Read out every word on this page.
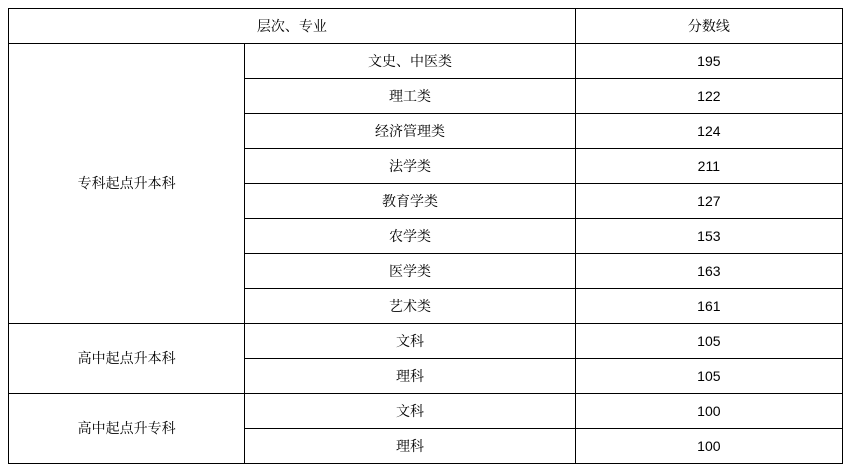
层次、专业		分数线
专科起点升本科	文史、中医类	195
	理工类	122
	经济管理类	124
	法学类	211
	教育学类	127
	农学类	153
	医学类	163
	艺术类	161
高中起点升本科	文科	105
	理科	105
高中起点升专科	文科	100
	理科	100
